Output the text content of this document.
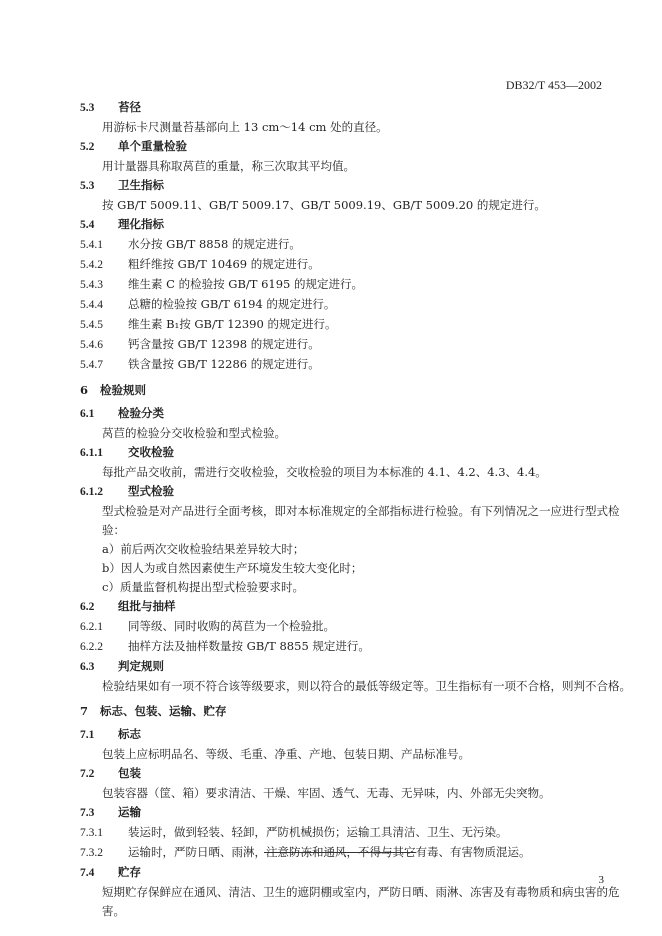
DB32/T 453—2002
5.3 苔径
用游标卡尺测量苔基部向上 13 cm～14 cm 处的直径。
5.2 单个重量检验
用计量器具称取莴苣的重量，称三次取其平均值。
5.3 卫生指标
按 GB/T 5009.11、GB/T 5009.17、GB/T 5009.19、GB/T 5009.20 的规定进行。
5.4 理化指标
5.4.1 水分按 GB/T 8858 的规定进行。
5.4.2 粗纤维按 GB/T 10469 的规定进行。
5.4.3 维生素 C 的检验按 GB/T 6195 的规定进行。
5.4.4 总糖的检验按 GB/T 6194 的规定进行。
5.4.5 维生素 B₁按 GB/T 12390 的规定进行。
5.4.6 钙含量按 GB/T 12398 的规定进行。
5.4.7 铁含量按 GB/T 12286 的规定进行。
6 检验规则
6.1 检验分类
莴苣的检验分交收检验和型式检验。
6.1.1 交收检验
每批产品交收前，需进行交收检验，交收检验的项目为本标准的 4.1、4.2、4.3、4.4。
6.1.2 型式检验
型式检验是对产品进行全面考核，即对本标准规定的全部指标进行检验。有下列情况之一应进行型式检验：
a）前后两次交收检验结果差异较大时；
b）因人为或自然因素使生产环境发生较大变化时；
c）质量监督机构提出型式检验要求时。
6.2 组批与抽样
6.2.1 同等级、同时收购的莴苣为一个检验批。
6.2.2 抽样方法及抽样数量按 GB/T 8855 规定进行。
6.3 判定规则
检验结果如有一项不符合该等级要求，则以符合的最低等级定等。卫生指标有一项不合格，则判不合格。
7 标志、包装、运输、贮存
7.1 标志
包装上应标明品名、等级、毛重、净重、产地、包装日期、产品标准号。
7.2 包装
包装容器（筐、箱）要求清洁、干燥、牢固、透气、无毒、无异味，内、外部无尖突物。
7.3 运输
7.3.1 装运时，做到轻装、轻卸，严防机械损伤；运输工具清洁、卫生、无污染。
7.3.2 运输时，严防日晒、雨淋，注意防冻和通风，不得与其它有毒、有害物质混运。
7.4 贮存
短期贮存保鲜应在通风、清洁、卫生的遮阴棚或室内，严防日晒、雨淋、冻害及有毒物质和病虫害的危害。
3
